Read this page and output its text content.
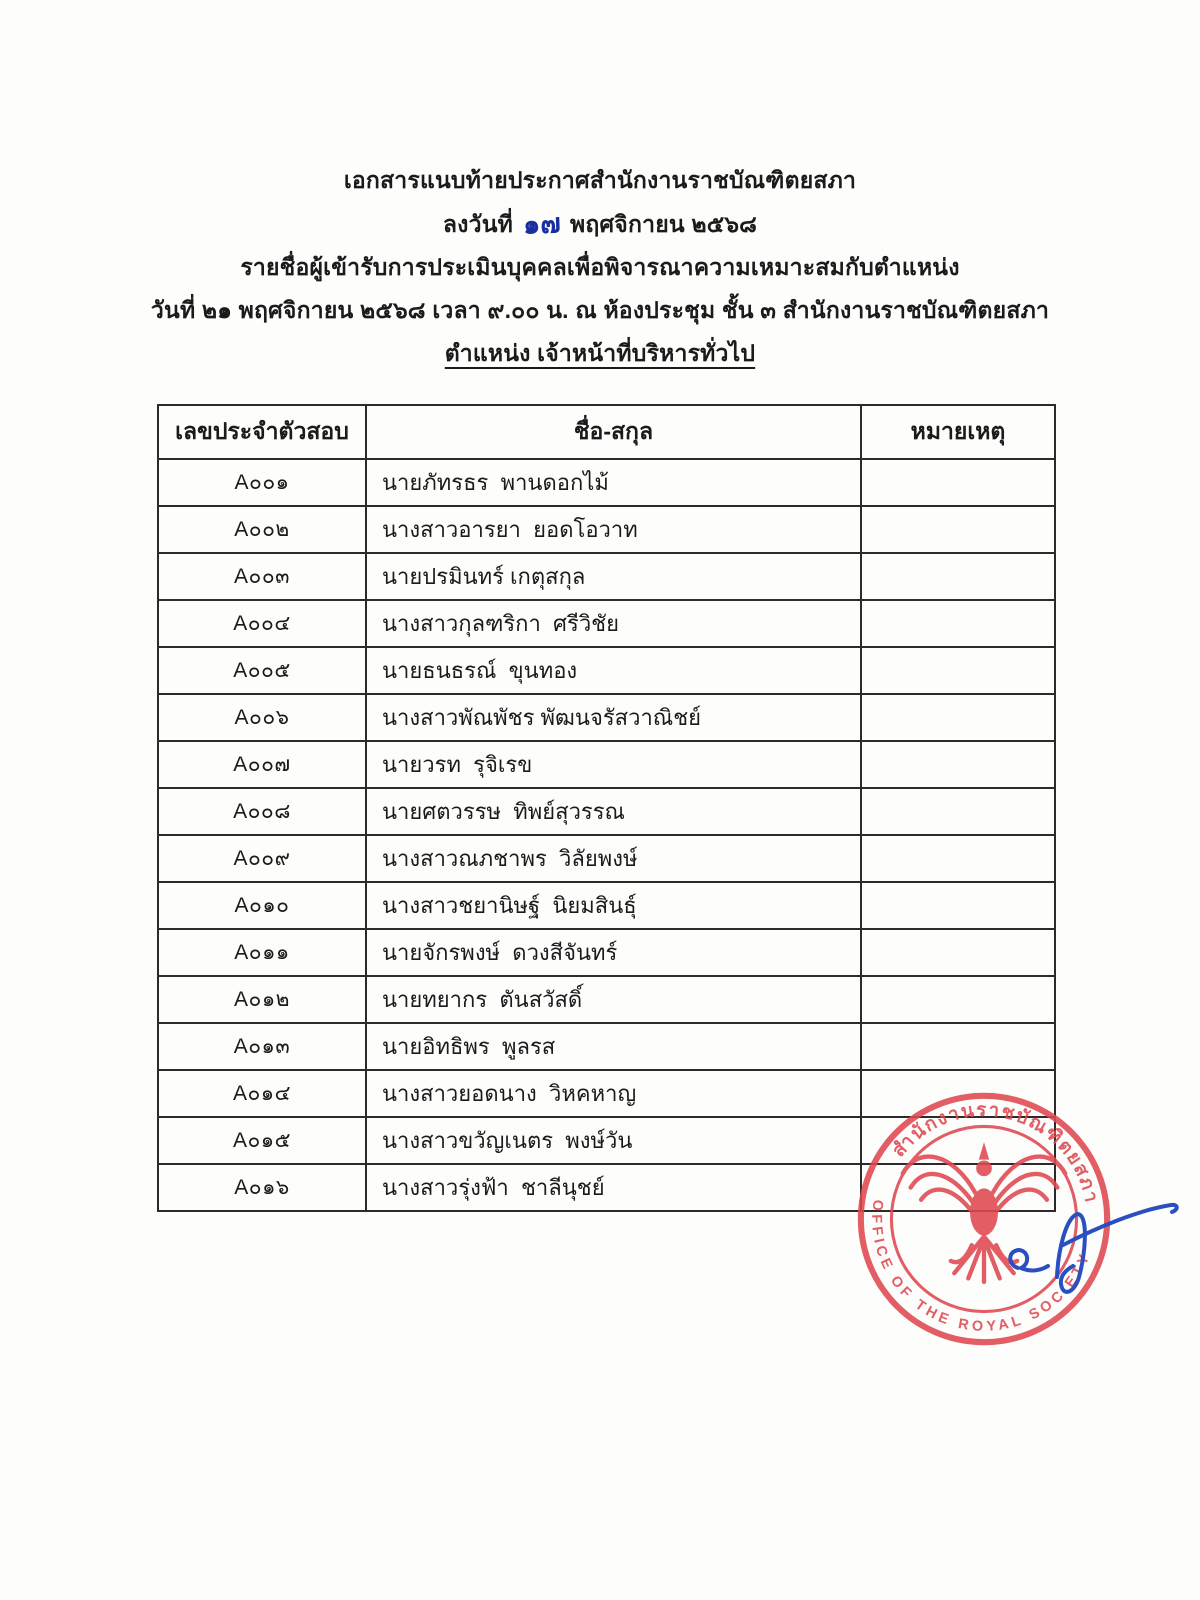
เอกสารแนบท้ายประกาศสำนักงานราชบัณฑิตยสภา
ลงวันที่ ๑๗ พฤศจิกายน ๒๕๖๘
รายชื่อผู้เข้ารับการประเมินบุคคลเพื่อพิจารณาความเหมาะสมกับตำแหน่ง
วันที่ ๒๑ พฤศจิกายน ๒๕๖๘ เวลา ๙.๐๐ น. ณ ห้องประชุม ชั้น ๓ สำนักงานราชบัณฑิตยสภา
ตำแหน่ง เจ้าหน้าที่บริหารทั่วไป
เลขประจำตัวสอบ	ชื่อ-สกุล	หมายเหตุ
A๐๐๑	นายภัทรธร  พานดอกไม้	
A๐๐๒	นางสาวอารยา  ยอดโอวาท	
A๐๐๓	นายปรมินทร์ เกตุสกุล	
A๐๐๔	นางสาวกุลฑริกา  ศรีวิชัย	
A๐๐๕	นายธนธรณ์  ขุนทอง	
A๐๐๖	นางสาวพัณพัชร พัฒนจรัสวาณิชย์	
A๐๐๗	นายวรท  รุจิเรข	
A๐๐๘	นายศตวรรษ  ทิพย์สุวรรณ	
A๐๐๙	นางสาวณภชาพร  วิลัยพงษ์	
A๐๑๐	นางสาวชยานิษฐ์  นิยมสินธุ์	
A๐๑๑	นายจักรพงษ์  ดวงสีจันทร์	
A๐๑๒	นายทยากร  ตันสวัสดิ์	
A๐๑๓	นายอิทธิพร  พูลรส	
A๐๑๔	นางสาวยอดนาง  วิหคหาญ	
A๐๑๕	นางสาวขวัญเนตร  พงษ์วัน	
A๐๑๖	นางสาวรุ่งฟ้า  ชาลีนุชย์	
สำนักงานราชบัณฑิตยสภา
OFFICE OF THE ROYAL SOCIETY
